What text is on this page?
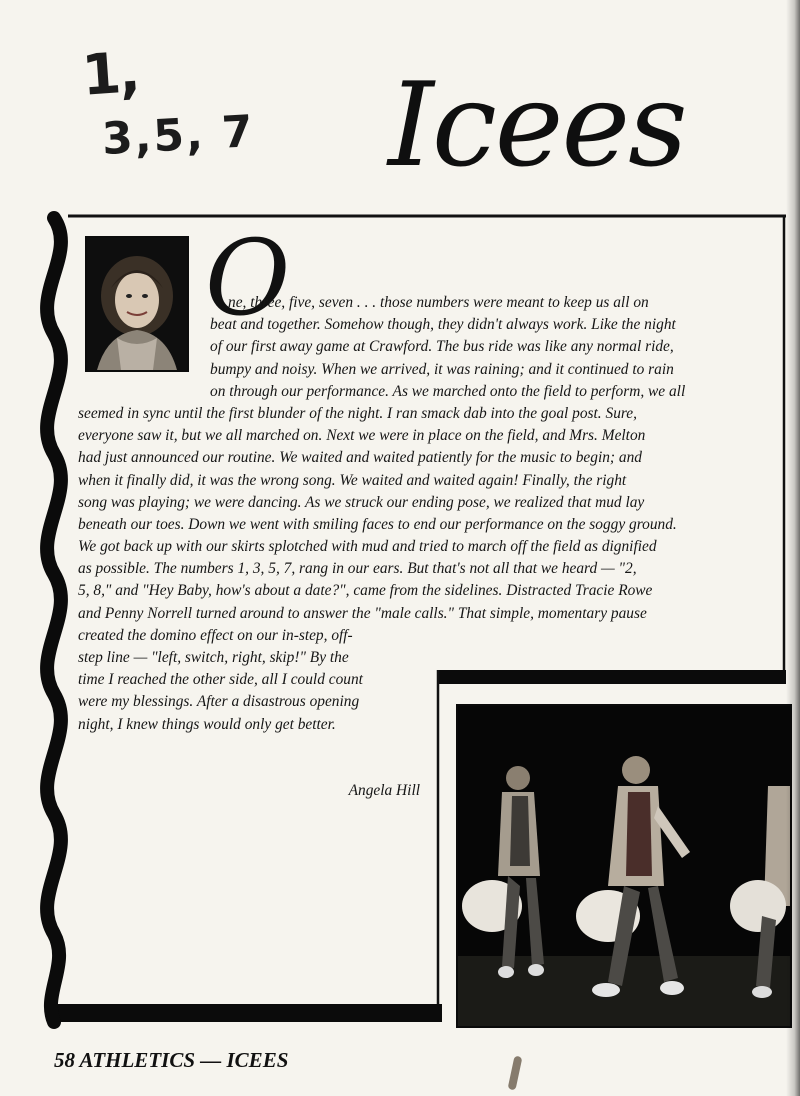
1,
3,5, 7 Icees
O
ne, three, five, seven . . . those numbers were meant to keep us all on
beat and together. Somehow though, they didn't always work. Like the night
of our first away game at Crawford. The bus ride was like any normal ride,
bumpy and noisy. When we arrived, it was raining; and it continued to rain
on through our performance. As we marched onto the field to perform, we all
seemed in sync until the first blunder of the night. I ran smack dab into the goal post. Sure,
everyone saw it, but we all marched on. Next we were in place on the field, and Mrs. Melton
had just announced our routine. We waited and waited patiently for the music to begin; and
when it finally did, it was the wrong song. We waited and waited again! Finally, the right
song was playing; we were dancing. As we struck our ending pose, we realized that mud lay
beneath our toes. Down we went with smiling faces to end our performance on the soggy ground.
We got back up with our skirts splotched with mud and tried to march off the field as dignified
as possible. The numbers 1, 3, 5, 7, rang in our ears. But that's not all that we heard — "2,
5, 8," and "Hey Baby, how's about a date?", came from the sidelines. Distracted Tracie Rowe
and Penny Norrell turned around to answer the "male calls." That simple, momentary pause
created the domino effect on our in-step, off-
step line — "left, switch, right, skip!" By the
time I reached the other side, all I could count
were my blessings. After a disastrous opening
night, I knew things would only get better.
Angela Hill
58 ATHLETICS — ICEES
